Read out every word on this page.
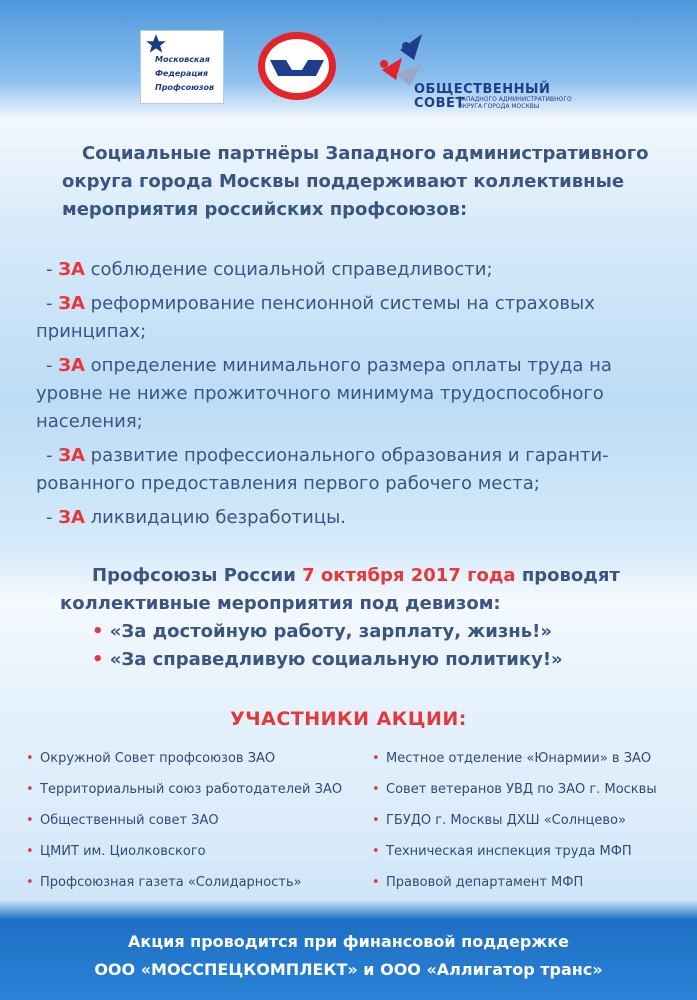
Московская
Федерация
Профсоюзов	ОБЩЕСТВЕННЫЙ
СОВЕТ
ЗАПАДНОГО АДМИНИСТРАТИВНОГО ОКРУГА ГОРОДА МОСКВЫ

Социальные партнёры Западного административного округа города Москвы поддерживают коллективные мероприятия российских профсоюзов:

- ЗА соблюдение социальной справедливости;

- ЗА реформирование пенсионной системы на страховых принципах;

- ЗА определение минимального размера оплаты труда на уровне не ниже прожиточного минимума трудоспособного населения;

- ЗА развитие профессионального образования и гаранти-рованного предоставления первого рабочего места;

- ЗА ликвидацию безработицы.

Профсоюзы России 7 октября 2017 года проводят
коллективные мероприятия под девизом:
• «За достойную работу, зарплату, жизнь!»
• «За справедливую социальную политику!»
УЧАСТНИКИ АКЦИИ:
• Окружной Совет профсоюзов ЗАО
• Территориальный союз работодателей ЗАО
• Общественный совет ЗАО
• ЦМИТ им. Циолковского
• Профсоюзная газета «Солидарность»
• Местное отделение «Юнармии» в ЗАО
• Совет ветеранов УВД по ЗАО г. Москвы
• ГБУДО г. Москвы ДХШ «Солнцево»
• Техническая инспекция труда МФП
• Правовой департамент МФП
Акция проводится при финансовой поддержке
ООО «МОССПЕЦКОМПЛЕКТ» и ООО «Аллигатор транс»
